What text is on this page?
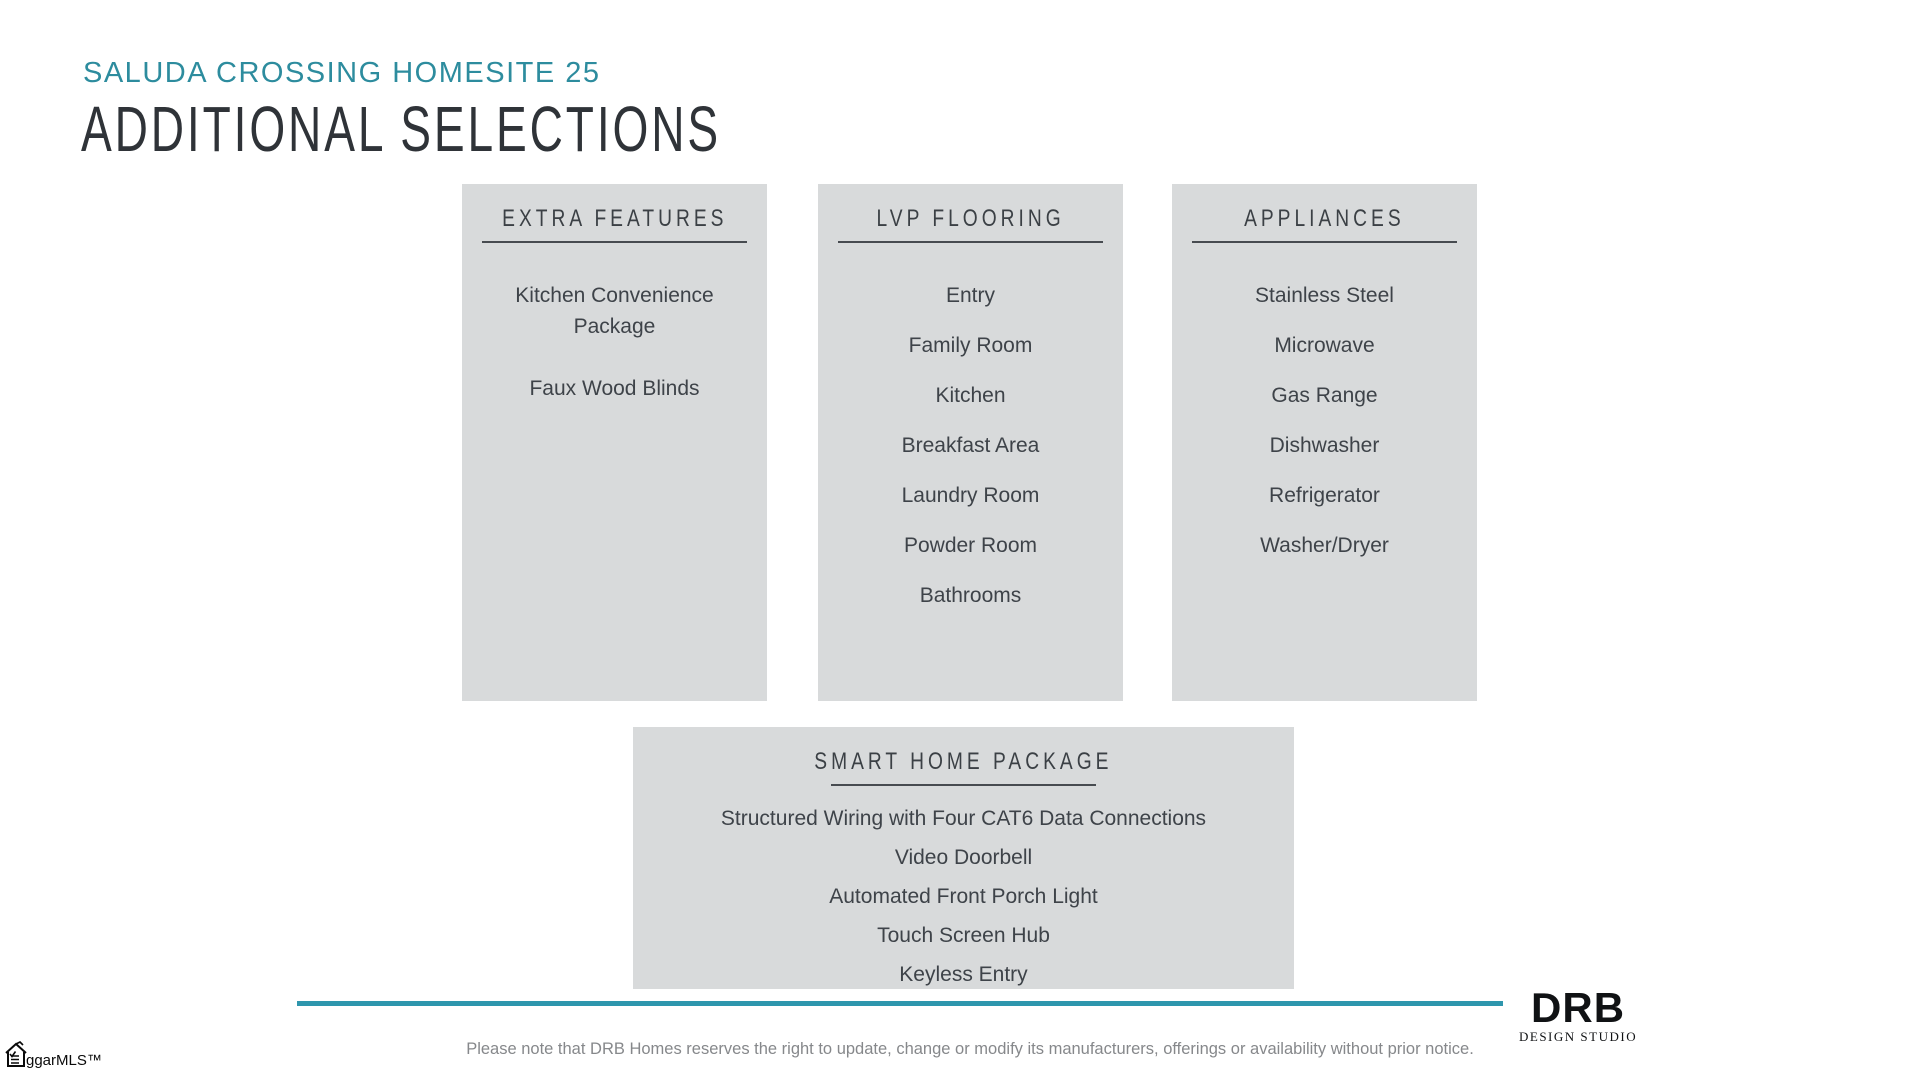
SALUDA CROSSING HOMESITE 25
ADDITIONAL SELECTIONS
EXTRA FEATURES
Kitchen Convenience Package
Faux Wood Blinds
LVP FLOORING
Entry
Family Room
Kitchen
Breakfast Area
Laundry Room
Powder Room
Bathrooms
APPLIANCES
Stainless Steel
Microwave
Gas Range
Dishwasher
Refrigerator
Washer/Dryer
SMART HOME PACKAGE
Structured Wiring with Four CAT6 Data Connections
Video Doorbell
Automated Front Porch Light
Touch Screen Hub
Keyless Entry
Please note that DRB Homes reserves the right to update, change or modify its manufacturers, offerings or availability without prior notice.
DRB
DESIGN STUDIO
ggarMLS™
